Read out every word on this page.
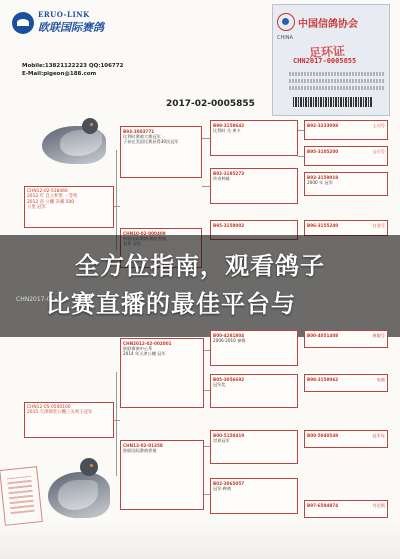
ERUO-LINK
欧联国际赛鸽
Mobile:13821122223 QQ:106772
E-Mail:pigeon@188.com
中国信鸽协会
CHINA
足环证
CHN2017-0005855
2017-02-0005855
CHN12-02-538466
2012 年 自立杯黑 一等奖
2012 省 公棚 决赛 500
公里 冠军
B93-3003771
比利时赛鸽大赛冠军
子孙在美国比赛获得30次冠军
CHN10-02-000409
B98-3158642
比利时 凡·弗卡
B02-3185273
传奇种雄
B95-3158002
B92-3233008	上司号
B95-3105200	宝石号
B93-3159018
2000 年 冠军
B96-3155240	白金号
CHN2017-0...
全方位指南，观看鸽子
比赛直播的最佳平台与
CHN2012-02-002001
欧联赛鸽中心系
2014 年天津公棚 冠军
CHN12-05-0500100
2015 天津锦堂公棚三关鸡王冠军
B00-4281804
2006-2010 参赛
B05-3056692
冠军奖
B00-4051408	黄眼号
B98-3158062	电脑
CHN13-02-01358
欧联国际赛鸽养殖
B00-5150419
世界冠军
B02-3065057
冠军·种鸽
B00-5040549	冠军母
B97-6594874	丹尼斯
